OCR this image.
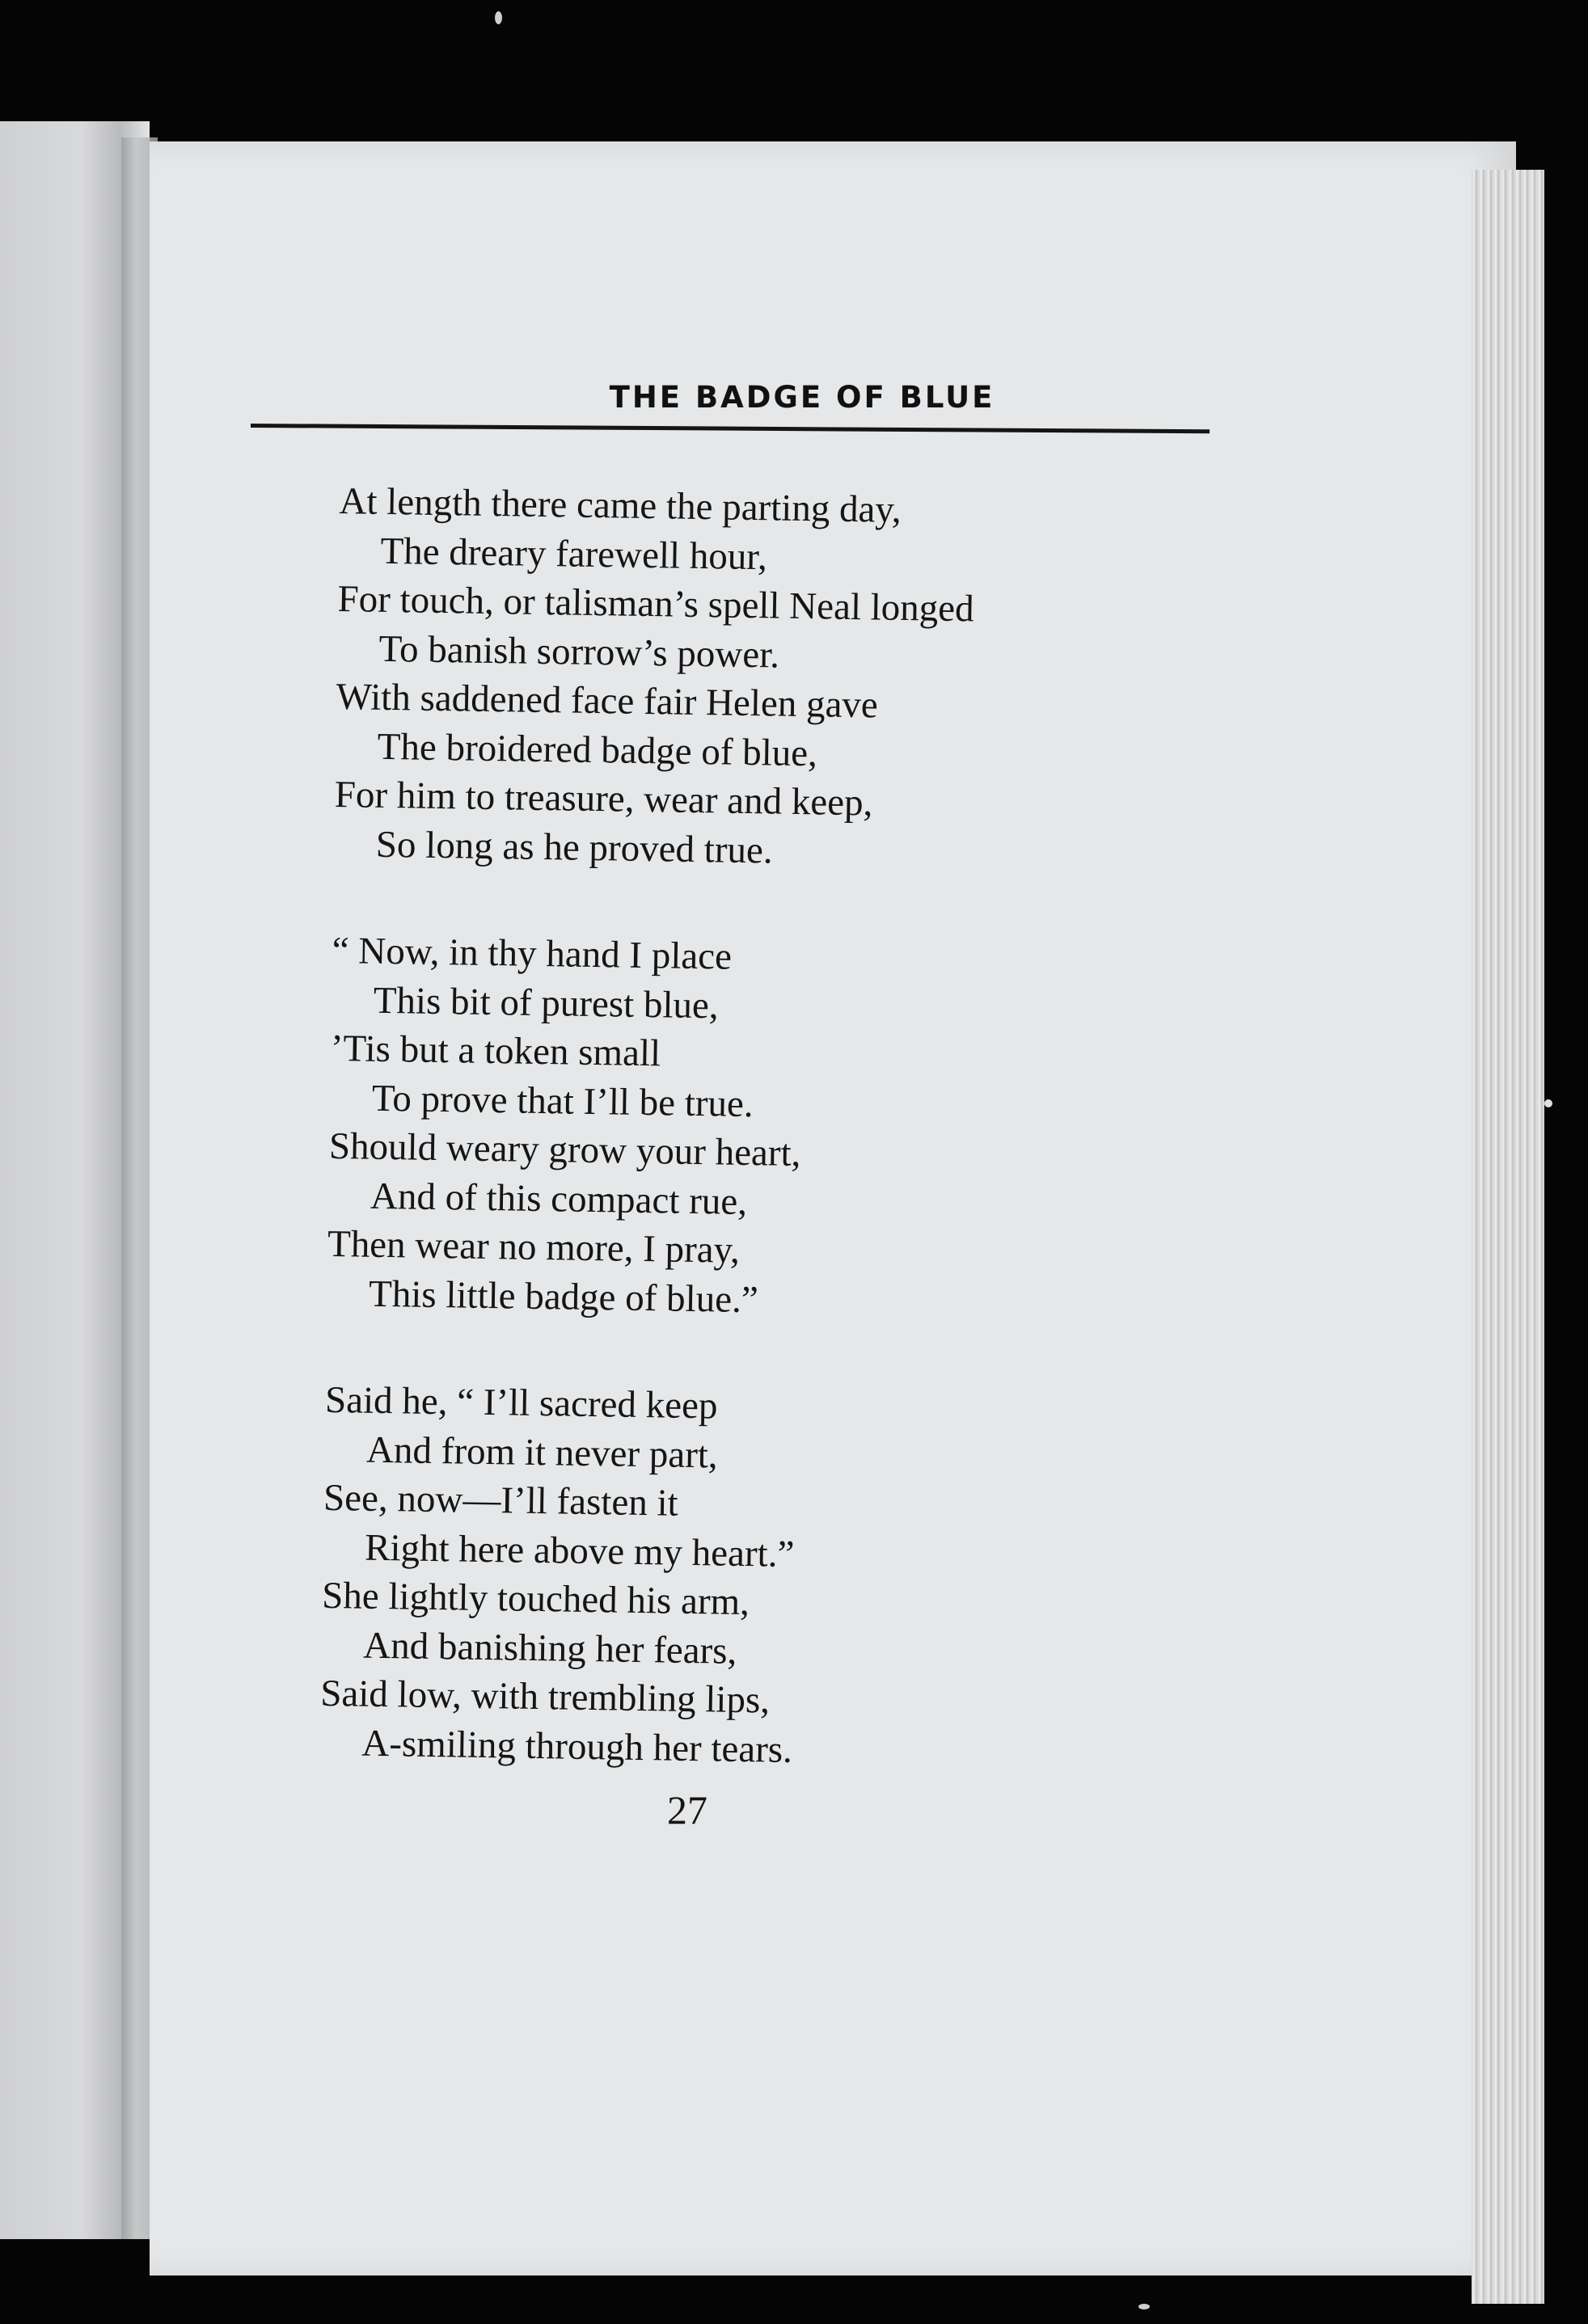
THE BADGE OF BLUE
At length there came the parting day,
The dreary farewell hour,
For touch, or talisman’s spell Neal longed
To banish sorrow’s power.
With saddened face fair Helen gave
The broidered badge of blue,
For him to treasure, wear and keep,
So long as he proved true.
“ Now, in thy hand I place
This bit of purest blue,
’Tis but a token small
To prove that I’ll be true.
Should weary grow your heart,
And of this compact rue,
Then wear no more, I pray,
This little badge of blue.”
Said he, “ I’ll sacred keep
And from it never part,
See, now—I’ll fasten it
Right here above my heart.”
She lightly touched his arm,
And banishing her fears,
Said low, with trembling lips,
A-smiling through her tears.
27
